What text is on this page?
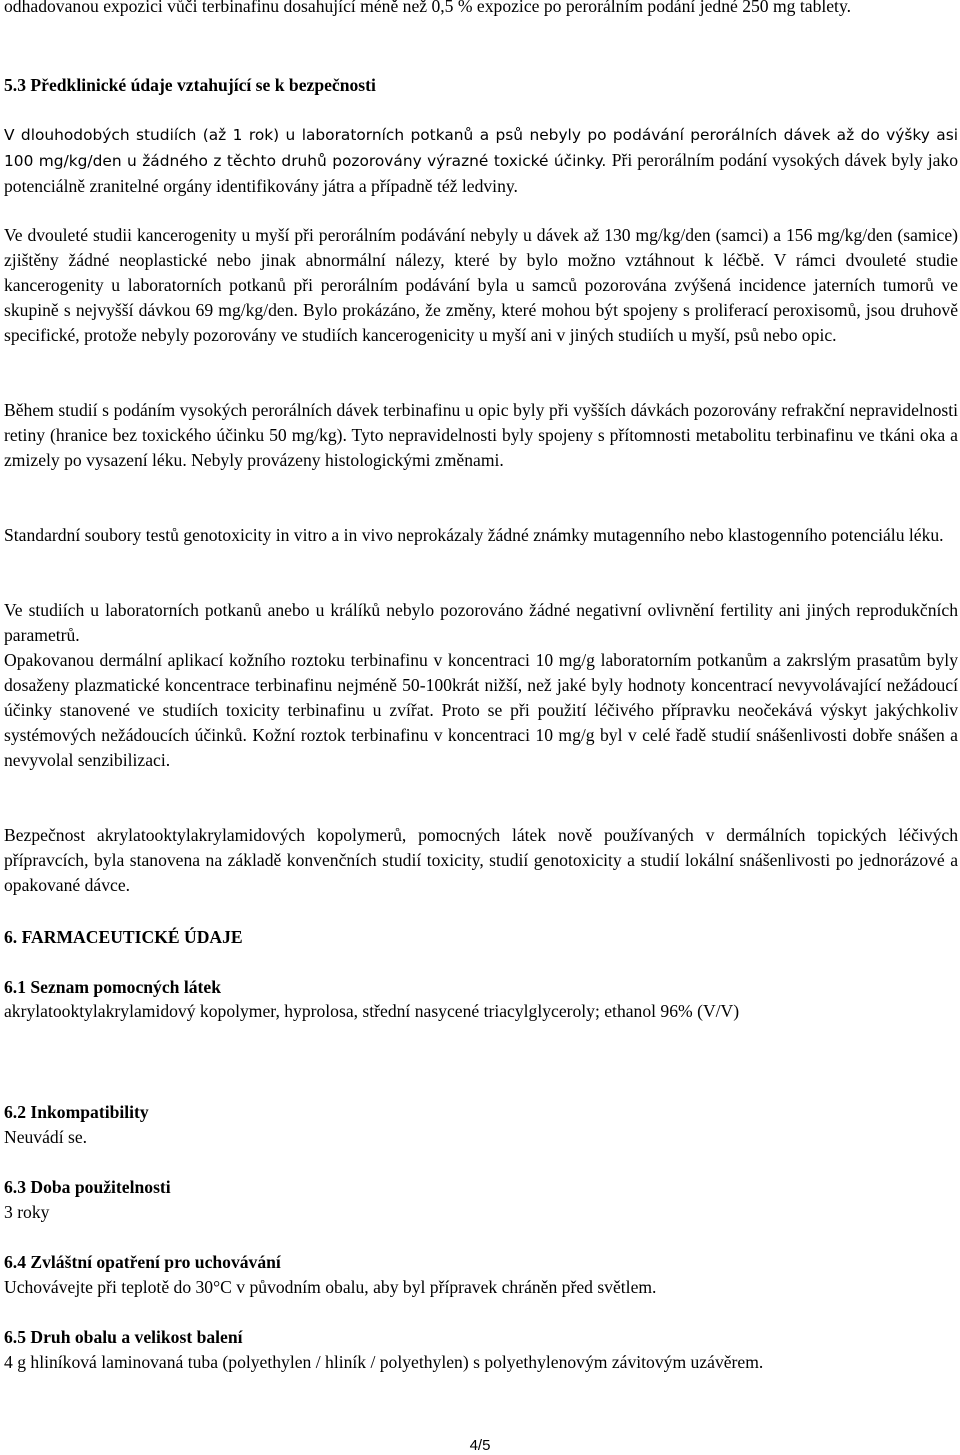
odhadovanou expozici vůči terbinafinu dosahující méně než 0,5 % expozice po perorálním podání jedné 250 mg tablety.

5.3 Předklinické údaje vztahující se k bezpečnosti

V dlouhodobých studiích (až 1 rok) u laboratorních potkanů a psů nebyly po podávání perorálních dávek až do výšky asi 100 mg/kg/den u žádného z těchto druhů pozorovány výrazné toxické účinky. Při perorálním podání vysokých dávek byly jako potenciálně zranitelné orgány identifikovány játra a případně též ledviny.

Ve dvouleté studii kancerogenity u myší při perorálním podávání nebyly u dávek až 130 mg/kg/den (samci) a 156 mg/kg/den (samice) zjištěny žádné neoplastické nebo jinak abnormální nálezy, které by bylo možno vztáhnout k léčbě. V rámci dvouleté studie kancerogenity u laboratorních potkanů při perorálním podávání byla u samců pozorována zvýšená incidence jaterních tumorů ve skupině s nejvyšší dávkou 69 mg/kg/den. Bylo prokázáno, že změny, které mohou být spojeny s proliferací peroxisomů, jsou druhově specifické, protože nebyly pozorovány ve studiích kancerogenicity u myší ani v jiných studiích u myší, psů nebo opic.

Během studií s podáním vysokých perorálních dávek terbinafinu u opic byly při vyšších dávkách pozorovány refrakční nepravidelnosti retiny (hranice bez toxického účinku 50 mg/kg). Tyto nepravidelnosti byly spojeny s přítomnosti metabolitu terbinafinu ve tkáni oka a zmizely po vysazení léku. Nebyly provázeny histologickými změnami.

Standardní soubory testů genotoxicity in vitro a in vivo neprokázaly žádné známky mutagenního nebo klastogenního potenciálu léku.

Ve studiích u laboratorních potkanů anebo u králíků nebylo pozorováno žádné negativní ovlivnění fertility ani jiných reprodukčních parametrů.

Opakovanou dermální aplikací kožního roztoku terbinafinu v koncentraci 10 mg/g laboratorním potkanům a zakrslým prasatům byly dosaženy plazmatické koncentrace terbinafinu nejméně 50-100krát nižší, než jaké byly hodnoty koncentrací nevyvolávající nežádoucí účinky stanovené ve studiích toxicity terbinafinu u zvířat. Proto se při použití léčivého přípravku neočekává výskyt jakýchkoliv systémových nežádoucích účinků. Kožní roztok terbinafinu v koncentraci 10 mg/g byl v celé řadě studií snášenlivosti dobře snášen a nevyvolal senzibilizaci.

Bezpečnost akrylatooktylakrylamidových kopolymerů, pomocných látek nově používaných v dermálních topických léčivých přípravcích, byla stanovena na základě konvenčních studií toxicity, studií genotoxicity a studií lokální snášenlivosti po jednorázové a opakované dávce.

6. FARMACEUTICKÉ ÚDAJE
6.1 Seznam pomocných látek

akrylatooktylakrylamidový kopolymer, hyprolosa, střední nasycené triacylglyceroly; ethanol 96% (V/V)

6.2 Inkompatibility

Neuvádí se.

6.3 Doba použitelnosti

3 roky

6.4 Zvláštní opatření pro uchovávání

Uchovávejte při teplotě do 30°C v původním obalu, aby byl přípravek chráněn před světlem.

6.5 Druh obalu a velikost balení

4 g hliníková laminovaná tuba (polyethylen / hliník / polyethylen) s polyethylenovým závitovým uzávěrem.

4/5
